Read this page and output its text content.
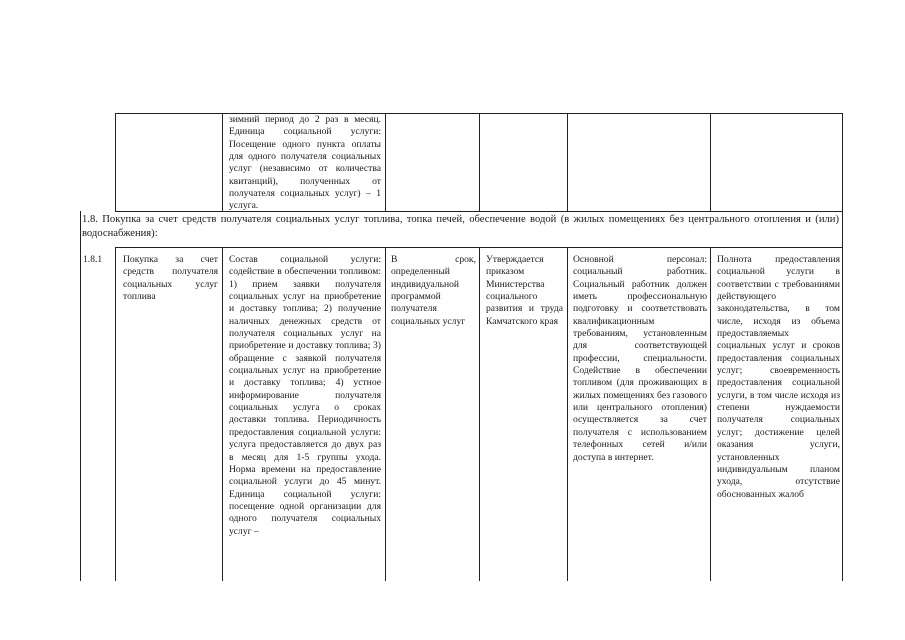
зимний период до 2 раз в месяц. Единица социальной услуги: Посещение одного пункта оплаты для одного получателя социальных услуг (независимо от количества квитанций), полученных от получателя социальных услуг) – 1 услуга.
1.8. Покупка за счет средств получателя социальных услуг топлива, топка печей, обеспечение водой (в жилых помещениях без центрального отопления и (или) водоснабжения):
1.8.1	Покупка за счет средств получателя социальных услуг топлива
Состав социальной услуги: содействие в обеспечении топливом: 1) прием заявки получателя социальных услуг на приобретение и доставку топлива; 2) получение наличных денежных средств от получателя социальных услуг на приобретение и доставку топлива; 3) обращение с заявкой получателя социальных услуг на приобретение и доставку топлива; 4) устное информирование получателя социальных услуга о сроках доставки топлива. Периодичность предоставления социальной услуги: услуга предоставляется до двух раз в месяц для 1-5 группы ухода. Норма времени на предоставление социальной услуги до 45 минут. Единица социальной услуги: посещение одной организации для одного получателя социальных услуг –
В срок, определенный индивидуальной программой получателя социальных услуг
Утверждается приказом Министерства социального развития и труда Камчатского края
Основной персонал: социальный работник. Социальный работник должен иметь профессиональную подготовку и соответствовать квалификационным требованиям, установленным для соответствующей профессии, специальности. Содействие в обеспечении топливом (для проживающих в жилых помещениях без газового или центрального отопления) осуществляется за счет получателя с использованием телефонных сетей и/или доступа в интернет.
Полнота предоставления социальной услуги в соответствии с требованиями действующего законодательства, в том числе, исходя из объема предоставляемых социальных услуг и сроков предоставления социальных услуг; своевременность предоставления социальной услуги, в том числе исходя из степени нуждаемости получателя социальных услуг; достижение целей оказания услуги, установленных индивидуальным планом ухода, отсутствие обоснованных жалоб
